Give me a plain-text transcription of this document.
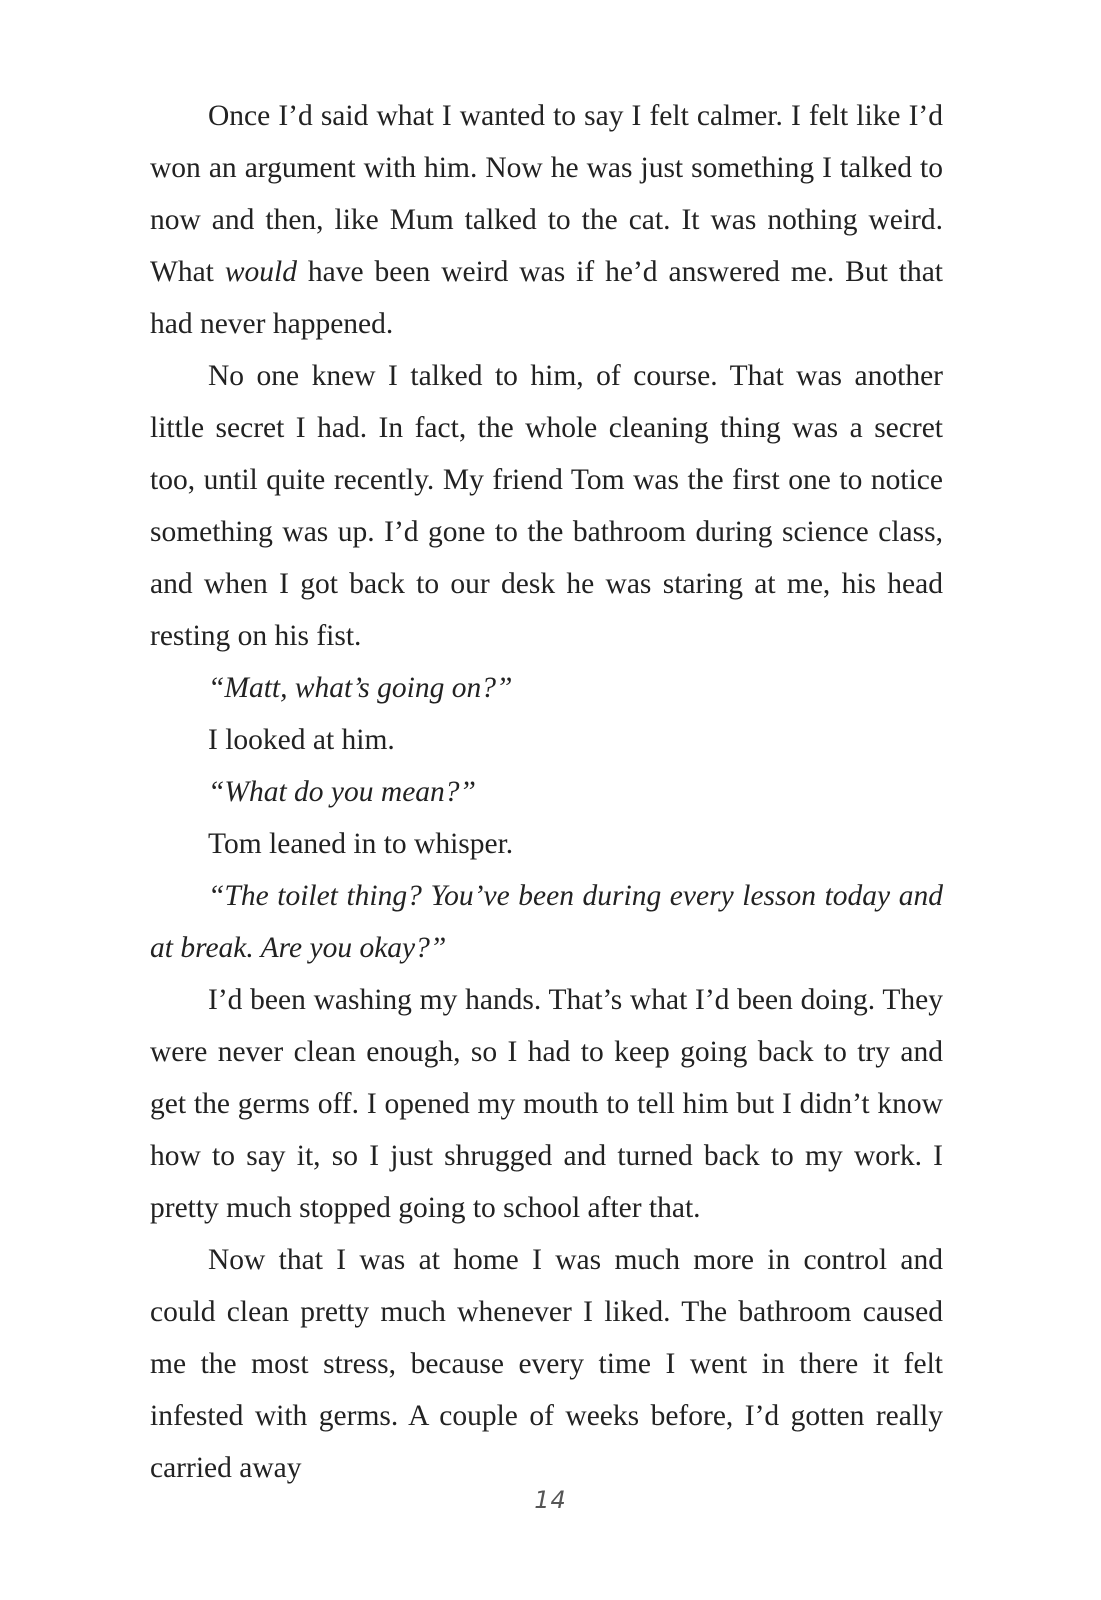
Once I’d said what I wanted to say I felt calmer. I felt like I’d won an argument with him. Now he was just something I talked to now and then, like Mum talked to the cat. It was nothing weird. What would have been weird was if he’d answered me. But that had never happened.

No one knew I talked to him, of course. That was another little secret I had. In fact, the whole cleaning thing was a secret too, until quite recently. My friend Tom was the first one to notice something was up. I’d gone to the bathroom during science class, and when I got back to our desk he was staring at me, his head resting on his fist.

“Matt, what’s going on?”

I looked at him.

“What do you mean?”

Tom leaned in to whisper.

“The toilet thing? You’ve been during every lesson today and at break. Are you okay?”

I’d been washing my hands. That’s what I’d been doing. They were never clean enough, so I had to keep going back to try and get the germs off. I opened my mouth to tell him but I didn’t know how to say it, so I just shrugged and turned back to my work. I pretty much stopped going to school after that.

Now that I was at home I was much more in control and could clean pretty much whenever I liked. The bathroom caused me the most stress, because every time I went in there it felt infested with germs. A couple of weeks before, I’d gotten really carried away

14
